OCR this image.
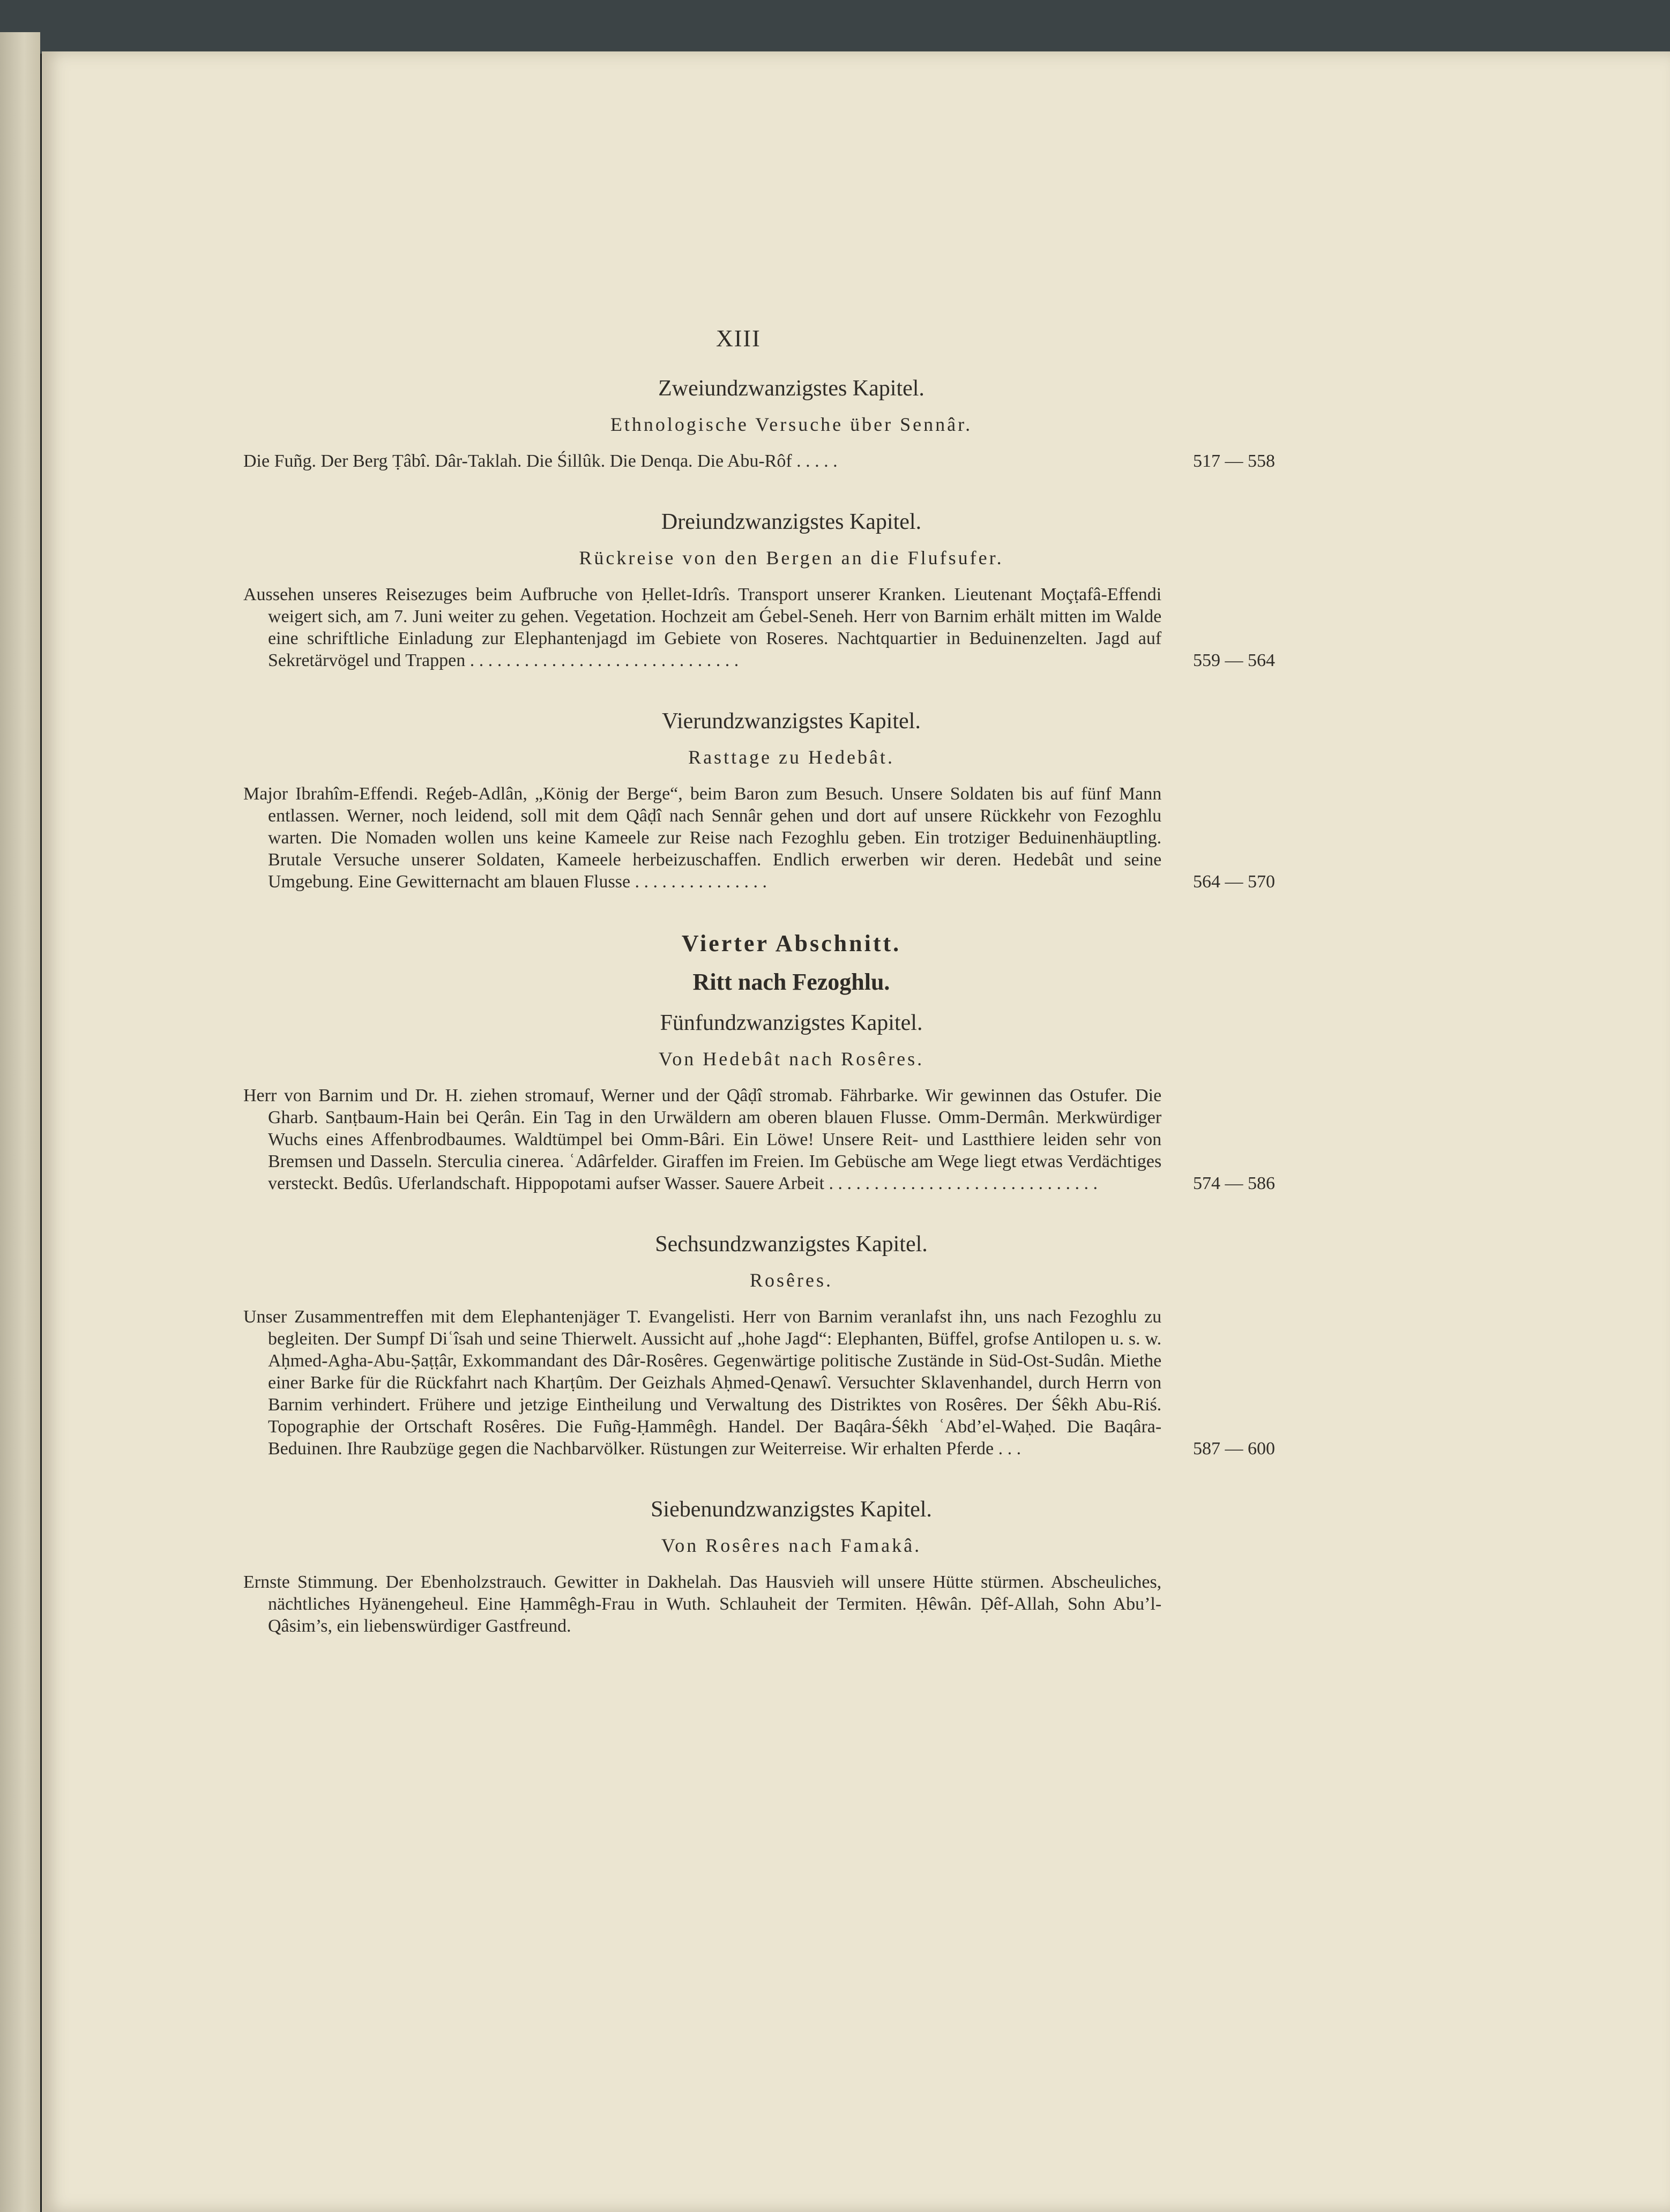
XIII
Zweiundzwanzigstes Kapitel.
Ethnologische Versuche über Sennâr.
Die Fuñg. Der Berg Ṭâbî. Dâr-Taklah. Die Śillûk. Die Denqa. Die Abu-Rôf . . . . .	517 — 558
Dreiundzwanzigstes Kapitel.
Rückreise von den Bergen an die Flufsufer.
Aussehen unseres Reisezuges beim Aufbruche von Ḥellet-Idrîs. Transport unserer Kranken. Lieutenant Moçṭafâ-Effendi weigert sich, am 7. Juni weiter zu gehen. Vegetation. Hochzeit am Ǵebel-Seneh. Herr von Barnim erhält mitten im Walde eine schriftliche Einladung zur Elephantenjagd im Gebiete von Roseres. Nachtquartier in Beduinenzelten. Jagd auf Sekretärvögel und Trappen . . . . . . . . . . . . . . . . . . . . . . . . . . . . . .	559 — 564
Vierundzwanzigstes Kapitel.
Rasttage zu Hedebât.
Major Ibrahîm-Effendi. Reǵeb-Adlân, „König der Berge“, beim Baron zum Besuch. Unsere Soldaten bis auf fünf Mann entlassen. Werner, noch leidend, soll mit dem Qâḍî nach Sennâr gehen und dort auf unsere Rückkehr von Fezoghlu warten. Die Nomaden wollen uns keine Kameele zur Reise nach Fezoghlu geben. Ein trotziger Beduinenhäuptling. Brutale Versuche unserer Soldaten, Kameele herbeizuschaffen. Endlich erwerben wir deren. Hedebât und seine Umgebung. Eine Gewitternacht am blauen Flusse . . . . . . . . . . . . . . .	564 — 570
Vierter Abschnitt.
Ritt nach Fezoghlu.
Fünfundzwanzigstes Kapitel.
Von Hedebât nach Rosêres.
Herr von Barnim und Dr. H. ziehen stromauf, Werner und der Qâḍî stromab. Fährbarke. Wir gewinnen das Ostufer. Die Gharb. Sanṭbaum-Hain bei Qerân. Ein Tag in den Urwäldern am oberen blauen Flusse. Omm-Dermân. Merkwürdiger Wuchs eines Affenbrodbaumes. Waldtümpel bei Omm-Bâri. Ein Löwe! Unsere Reit- und Lastthiere leiden sehr von Bremsen und Dasseln. Sterculia cinerea. ʿAdârfelder. Giraffen im Freien. Im Gebüsche am Wege liegt etwas Verdächtiges versteckt. Bedûs. Uferlandschaft. Hippopotami aufser Wasser. Sauere Arbeit . . . . . . . . . . . . . . . . . . . . . . . . . . . . . .	574 — 586
Sechsundzwanzigstes Kapitel.
Rosêres.
Unser Zusammentreffen mit dem Elephantenjäger T. Evangelisti. Herr von Barnim veranlafst ihn, uns nach Fezoghlu zu begleiten. Der Sumpf Diʿîsah und seine Thierwelt. Aussicht auf „hohe Jagd“: Elephanten, Büffel, grofse Antilopen u. s. w. Aḥmed-Agha-Abu-Ṣaṭṭâr, Exkommandant des Dâr-Rosêres. Gegenwärtige politische Zustände in Süd-Ost-Sudân. Miethe einer Barke für die Rückfahrt nach Kharṭûm. Der Geizhals Aḥmed-Qenawî. Versuchter Sklavenhandel, durch Herrn von Barnim verhindert. Frühere und jetzige Eintheilung und Verwaltung des Distriktes von Rosêres. Der Śêkh Abu-Riś. Topographie der Ortschaft Rosêres. Die Fuñg-Ḥammêgh. Handel. Der Baqâra-Śêkh ʿAbd’el-Waḥed. Die Baqâra-Beduinen. Ihre Raubzüge gegen die Nachbarvölker. Rüstungen zur Weiterreise. Wir erhalten Pferde . . .	587 — 600
Siebenundzwanzigstes Kapitel.
Von Rosêres nach Famakâ.
Ernste Stimmung. Der Ebenholzstrauch. Gewitter in Dakhelah. Das Hausvieh will unsere Hütte stürmen. Abscheuliches, nächtliches Hyänengeheul. Eine Ḥammêgh-Frau in Wuth. Schlauheit der Termiten. Ḥêwân. Ḍêf-Allah, Sohn Abu’l-Qâsim’s, ein liebenswürdiger Gastfreund.
